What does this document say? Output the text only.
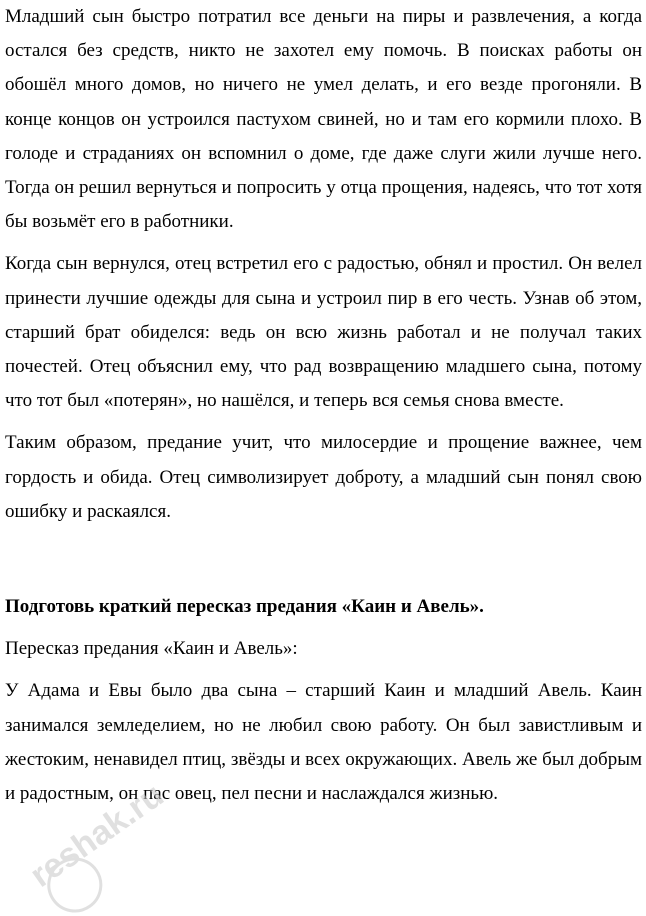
Младший сын быстро потратил все деньги на пиры и развлечения, а когда остался без средств, никто не захотел ему помочь. В поисках работы он обошёл много домов, но ничего не умел делать, и его везде прогоняли. В конце концов он устроился пастухом свиней, но и там его кормили плохо. В голоде и страданиях он вспомнил о доме, где даже слуги жили лучше него. Тогда он решил вернуться и попросить у отца прощения, надеясь, что тот хотя бы возьмёт его в работники.

Когда сын вернулся, отец встретил его с радостью, обнял и простил. Он велел принести лучшие одежды для сына и устроил пир в его честь. Узнав об этом, старший брат обиделся: ведь он всю жизнь работал и не получал таких почестей. Отец объяснил ему, что рад возвращению младшего сына, потому что тот был «потерян», но нашёлся, и теперь вся семья снова вместе.

Таким образом, предание учит, что милосердие и прощение важнее, чем гордость и обида. Отец символизирует доброту, а младший сын понял свою ошибку и раскаялся.

Подготовь краткий пересказ предания «Каин и Авель».

Пересказ предания «Каин и Авель»:

У Адама и Евы было два сына – старший Каин и младший Авель. Каин занимался земледелием, но не любил свою работу. Он был завистливым и жестоким, ненавидел птиц, звёзды и всех окружающих. Авель же был добрым и радостным, он пас овец, пел песни и наслаждался жизнью.

reshak.ru
